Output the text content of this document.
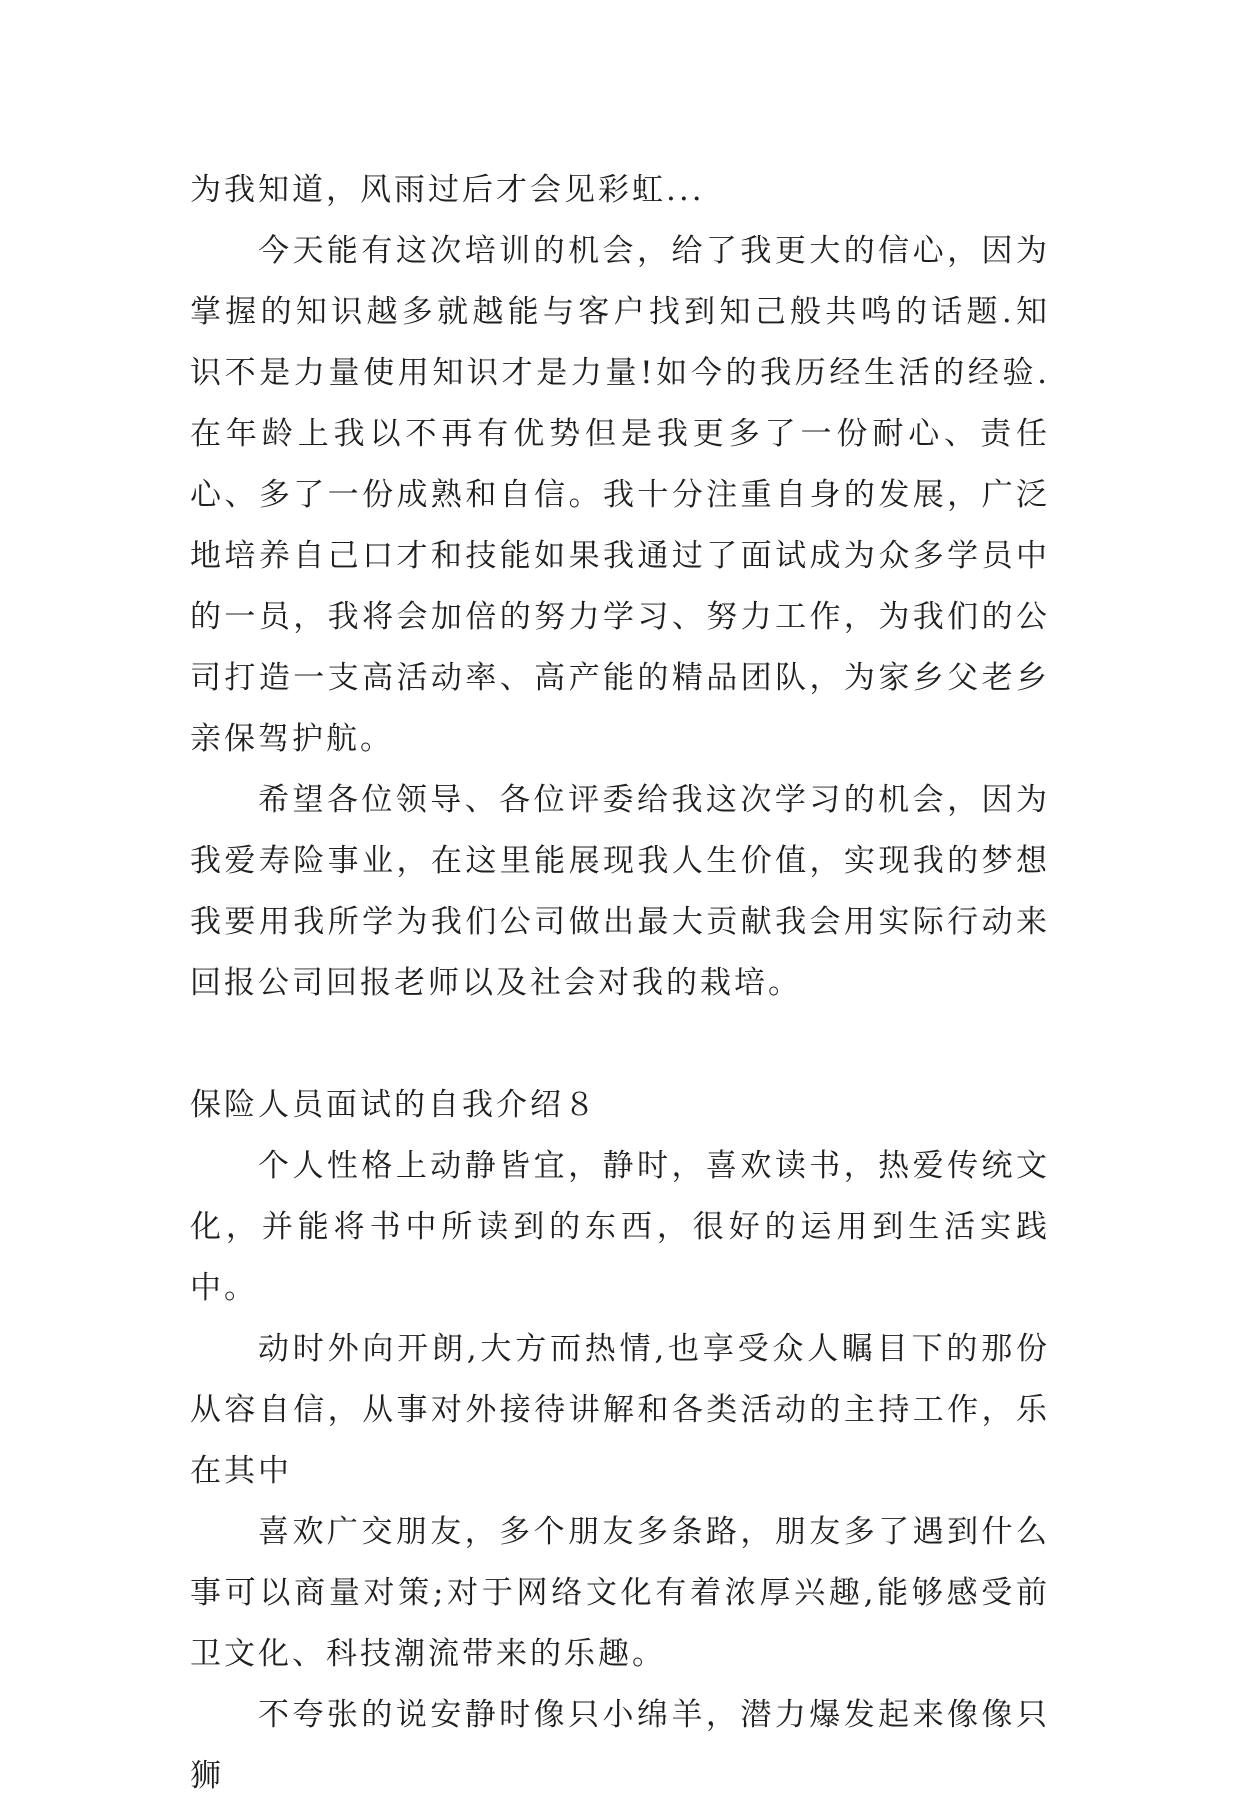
为我知道，风雨过后才会见彩虹...

今天能有这次培训的机会，给了我更大的信心，因为掌握的知识越多就越能与客户找到知己般共鸣的话题.知识不是力量使用知识才是力量!如今的我历经生活的经验.在年龄上我以不再有优势但是我更多了一份耐心、责任心、多了一份成熟和自信。我十分注重自身的发展，广泛地培养自己口才和技能如果我通过了面试成为众多学员中的一员，我将会加倍的努力学习、努力工作，为我们的公司打造一支高活动率、高产能的精品团队，为家乡父老乡亲保驾护航。

希望各位领导、各位评委给我这次学习的机会，因为我爱寿险事业，在这里能展现我人生价值，实现我的梦想我要用我所学为我们公司做出最大贡献我会用实际行动来回报公司回报老师以及社会对我的栽培。

保险人员面试的自我介绍８

个人性格上动静皆宜，静时，喜欢读书，热爱传统文化，并能将书中所读到的东西，很好的运用到生活实践中。

动时外向开朗,大方而热情,也享受众人瞩目下的那份从容自信，从事对外接待讲解和各类活动的主持工作，乐在其中

喜欢广交朋友，多个朋友多条路，朋友多了遇到什么事可以商量对策;对于网络文化有着浓厚兴趣,能够感受前卫文化、科技潮流带来的乐趣。

不夸张的说安静时像只小绵羊，潜力爆发起来像像只狮
